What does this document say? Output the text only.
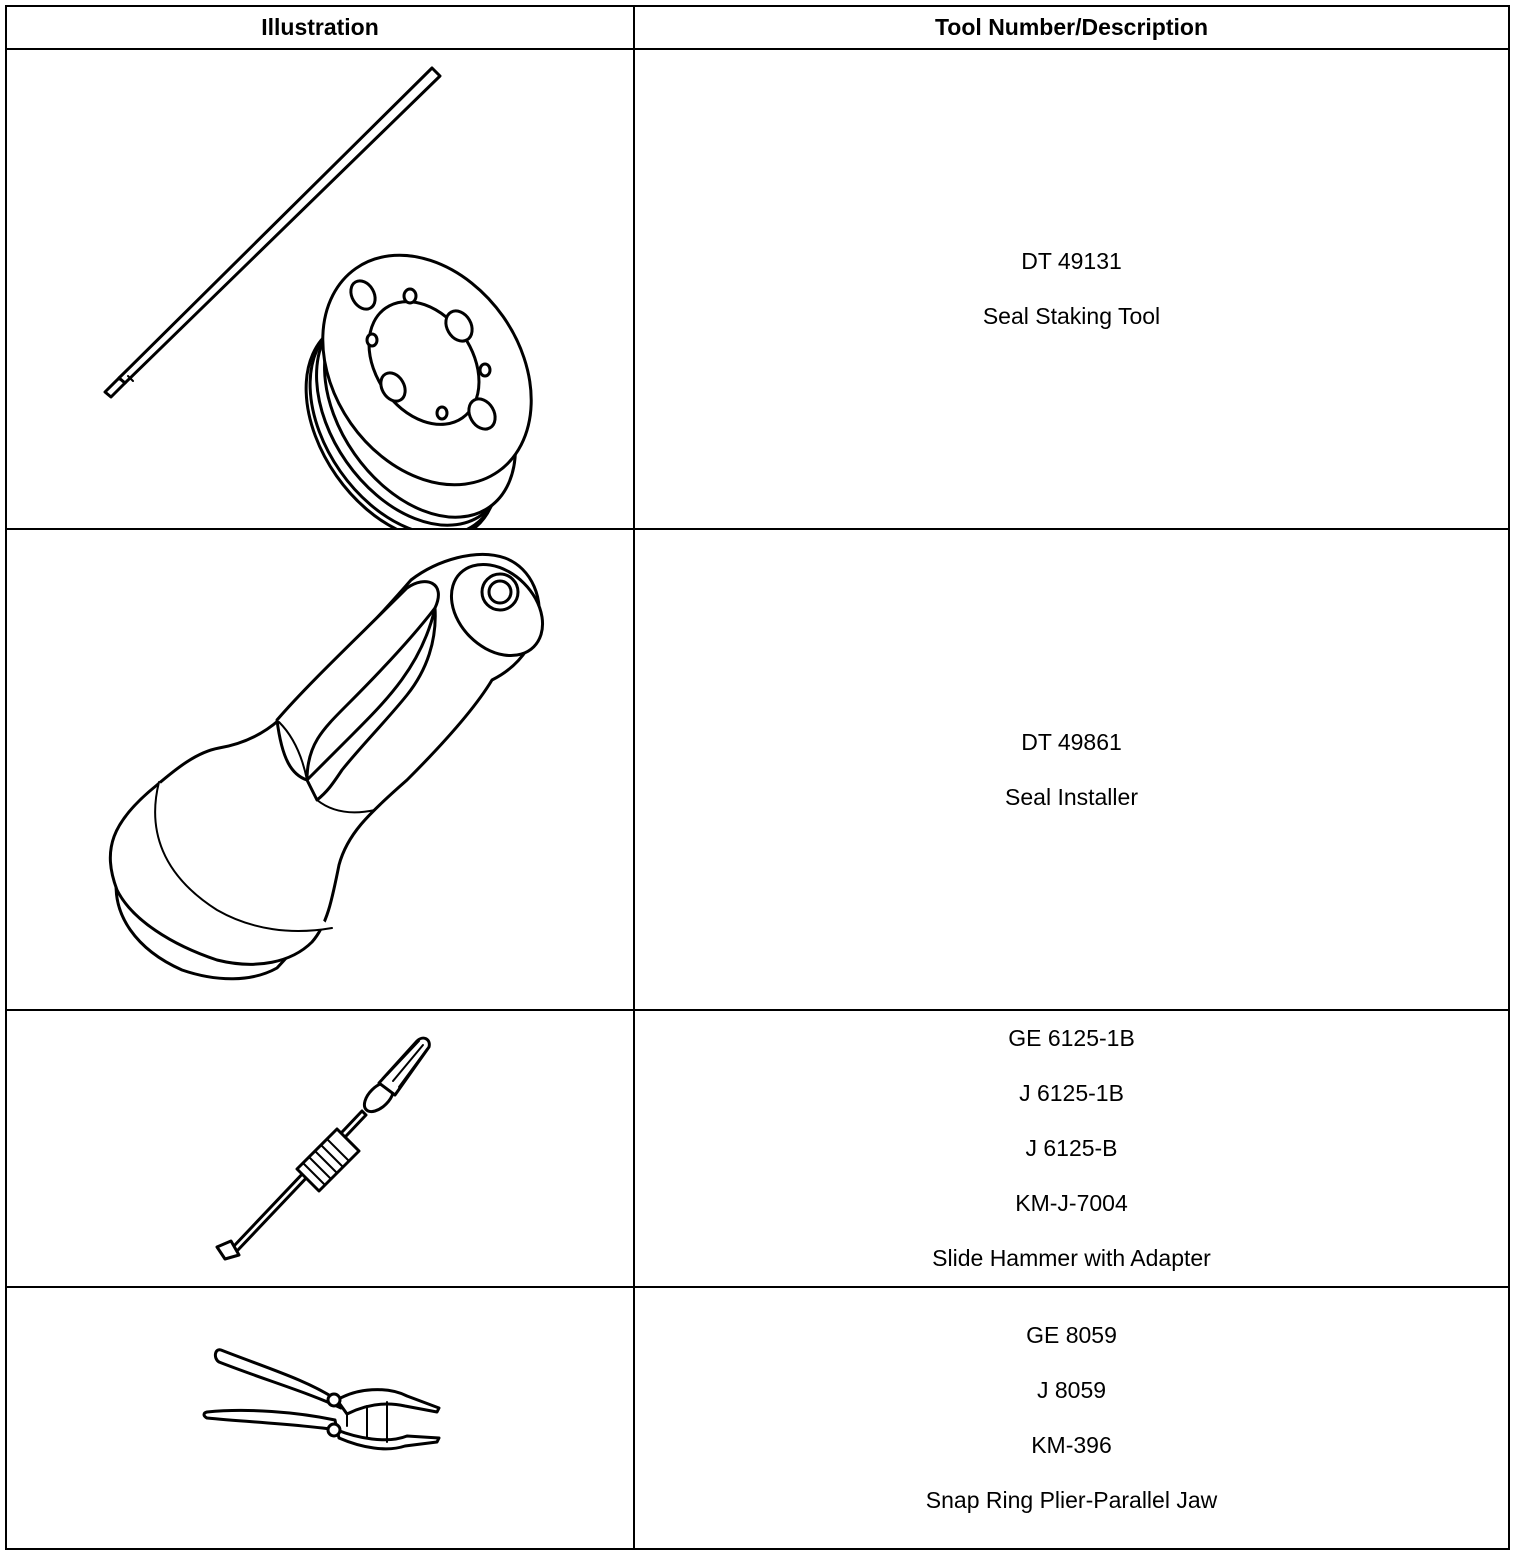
Illustration	Tool Number/Description

DT 49131
Seal Staking Tool

DT 49861
Seal Installer

GE 6125-1B
J 6125-1B
J 6125-B
KM-J-7004
Slide Hammer with Adapter

GE 8059
J 8059
KM-396
Snap Ring Plier-Parallel Jaw
